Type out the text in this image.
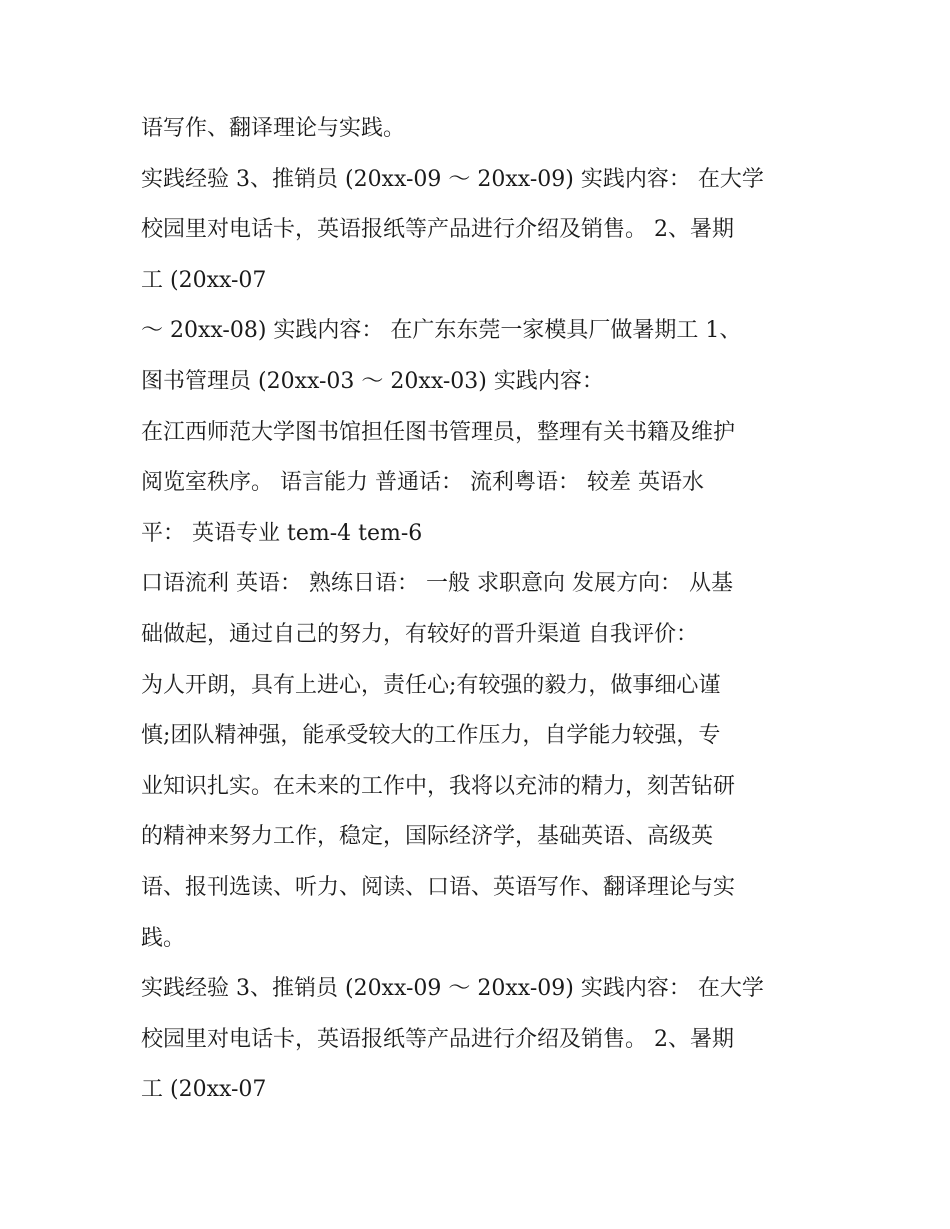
语写作、翻译理论与实践。
实践经验 3、推销员 (20xx-09 ～ 20xx-09) 实践内容： 在大学
校园里对电话卡，英语报纸等产品进行介绍及销售。 2、暑期
工 (20xx-07
～ 20xx-08) 实践内容： 在广东东莞一家模具厂做暑期工 1、
图书管理员 (20xx-03 ～ 20xx-03) 实践内容：
在江西师范大学图书馆担任图书管理员，整理有关书籍及维护
阅览室秩序。 语言能力 普通话： 流利粤语： 较差 英语水
平： 英语专业 tem-4 tem-6
口语流利 英语： 熟练日语： 一般 求职意向 发展方向： 从基
础做起，通过自己的努力，有较好的晋升渠道 自我评价：
为人开朗，具有上进心，责任心;有较强的毅力，做事细心谨
慎;团队精神强，能承受较大的工作压力，自学能力较强，专
业知识扎实。在未来的工作中，我将以充沛的精力，刻苦钻研
的精神来努力工作，稳定，国际经济学，基础英语、高级英
语、报刊选读、听力、阅读、口语、英语写作、翻译理论与实
践。
实践经验 3、推销员 (20xx-09 ～ 20xx-09) 实践内容： 在大学
校园里对电话卡，英语报纸等产品进行介绍及销售。 2、暑期
工 (20xx-07
